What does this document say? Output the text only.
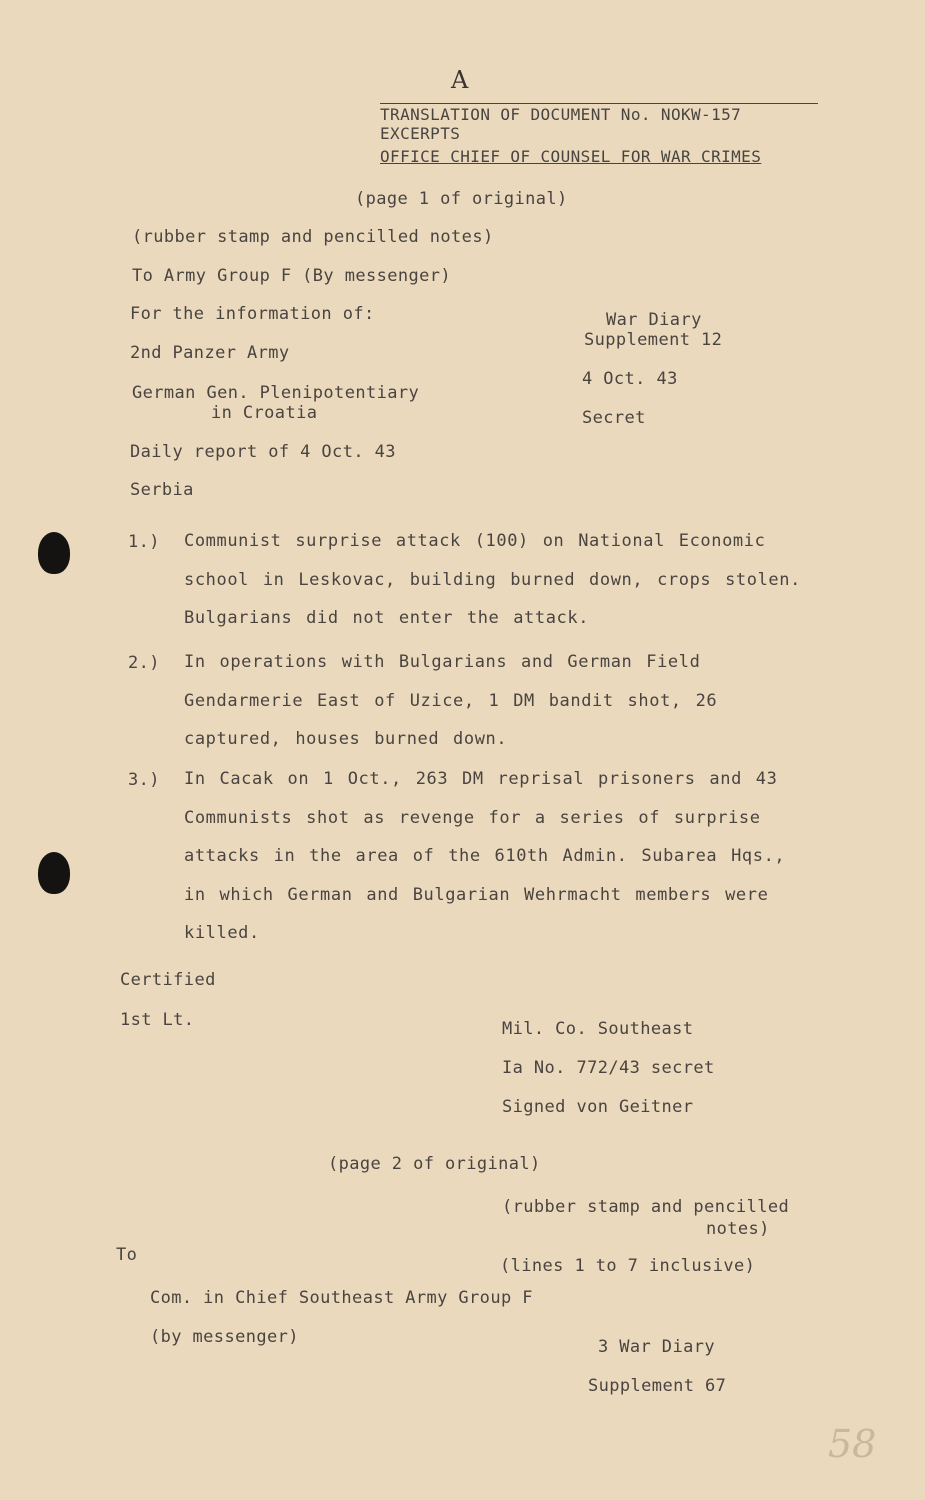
A
TRANSLATION OF DOCUMENT No. NOKW-157
EXCERPTS
OFFICE CHIEF OF COUNSEL FOR WAR CRIMES
(page 1 of original)
(rubber stamp and pencilled notes)
To Army Group F (By messenger)
For the information of:
2nd Panzer Army
German Gen. Plenipotentiary
in Croatia
War Diary
Supplement 12
4 Oct. 43
Secret
Daily report of 4 Oct. 43
Serbia
1.) Communist surprise attack (100) on National Economic school in Leskovac, building burned down, crops stolen. Bulgarians did not enter the attack.
2.) In operations with Bulgarians and German Field Gendarmerie East of Uzice, 1 DM bandit shot, 26 captured, houses burned down.
3.) In Cacak on 1 Oct., 263 DM reprisal prisoners and 43 Communists shot as revenge for a series of surprise attacks in the area of the 610th Admin. Subarea Hqs., in which German and Bulgarian Wehrmacht members were killed.
Certified
1st Lt.	Mil. Co. Southeast
Ia No. 772/43 secret
Signed von Geitner
(page 2 of original)
(rubber stamp and pencilled
notes)
To
(lines 1 to 7 inclusive)
Com. in Chief Southeast Army Group F
(by messenger)	3 War Diary
Supplement 67
58
